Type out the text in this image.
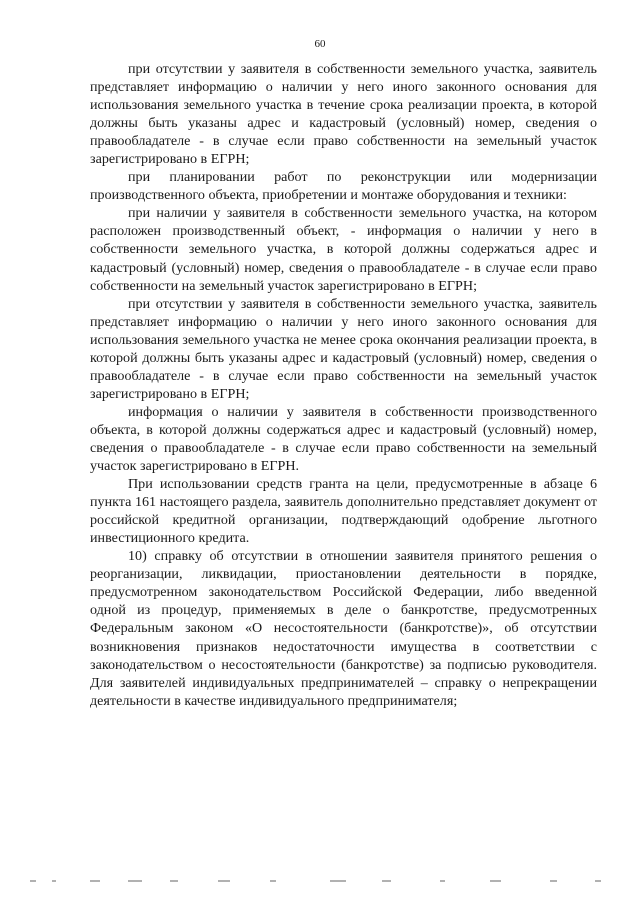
60

при отсутствии у заявителя в собственности земельного участка, заявитель представляет информацию о наличии у него иного законного основания для использования земельного участка в течение срока реализации проекта, в которой должны быть указаны адрес и кадастровый (условный) номер, сведения о правообладателе - в случае если право собственности на земельный участок зарегистрировано в ЕГРН;

при планировании работ по реконструкции или модернизации производственного объекта, приобретении и монтаже оборудования и техники:

при наличии у заявителя в собственности земельного участка, на котором расположен производственный объект, - информация о наличии у него в собственности земельного участка, в которой должны содержаться адрес и кадастровый (условный) номер, сведения о правообладателе - в случае если право собственности на земельный участок зарегистрировано в ЕГРН;

при отсутствии у заявителя в собственности земельного участка, заявитель представляет информацию о наличии у него иного законного основания для использования земельного участка не менее срока окончания реализации проекта, в которой должны быть указаны адрес и кадастровый (условный) номер, сведения о правообладателе - в случае если право собственности на земельный участок зарегистрировано в ЕГРН;

информация о наличии у заявителя в собственности производственного объекта, в которой должны содержаться адрес и кадастровый (условный) номер, сведения о правообладателе - в случае если право собственности на земельный участок зарегистрировано в ЕГРН.

При использовании средств гранта на цели, предусмотренные в абзаце 6 пункта 161 настоящего раздела, заявитель дополнительно представляет документ от российской кредитной организации, подтверждающий одобрение льготного инвестиционного кредита.

10) справку об отсутствии в отношении заявителя принятого решения о реорганизации, ликвидации, приостановлении деятельности в порядке, предусмотренном законодательством Российской Федерации, либо введенной одной из процедур, применяемых в деле о банкротстве, предусмотренных Федеральным законом «О несостоятельности (банкротстве)», об отсутствии возникновения признаков недостаточности имущества в соответствии с законодательством о несостоятельности (банкротстве) за подписью руководителя. Для заявителей индивидуальных предпринимателей – справку о непрекращении деятельности в качестве индивидуального предпринимателя;
